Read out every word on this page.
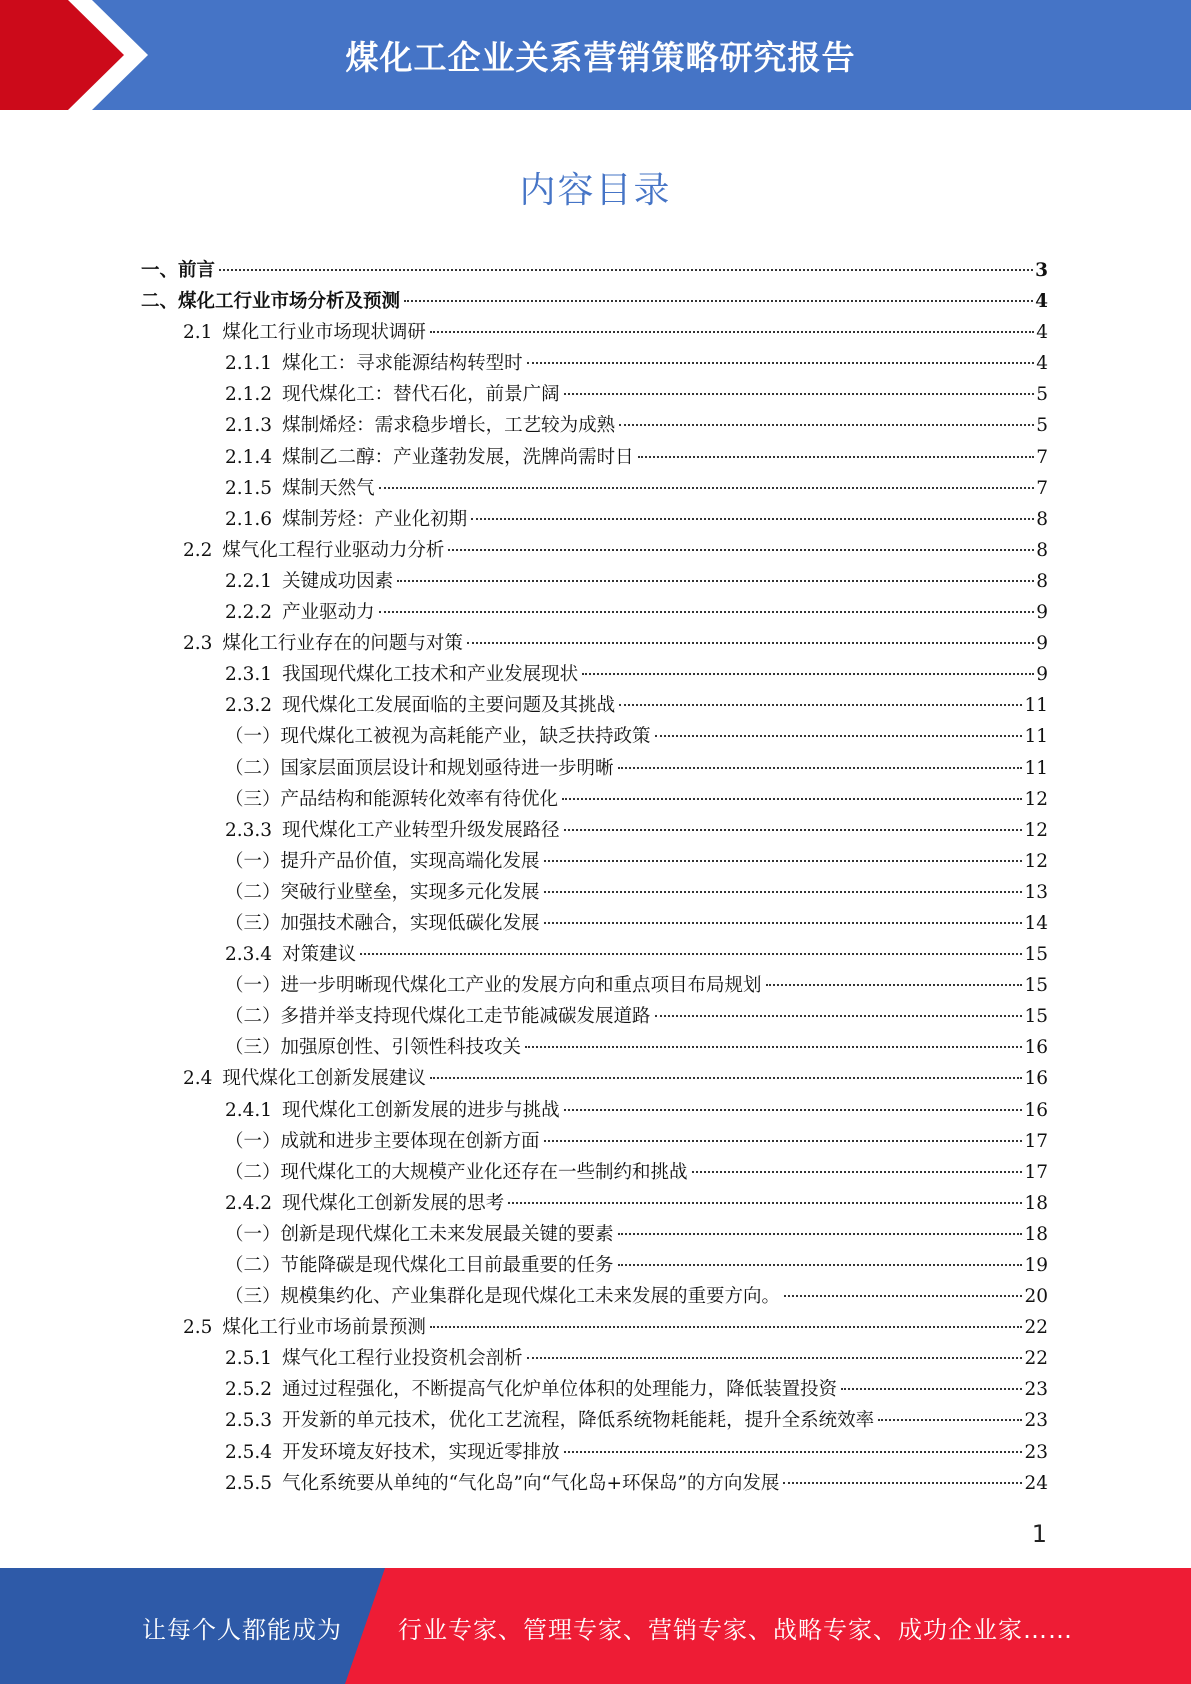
煤化工企业关系营销策略研究报告
内容目录
一、 前言	3
二、 煤化工行业市场分析及预测	4
2.1 煤化工行业市场现状调研	4
2.1.1 煤化工：寻求能源结构转型时	4
2.1.2 现代煤化工：替代石化，前景广阔	5
2.1.3 煤制烯烃：需求稳步增长，工艺较为成熟	5
2.1.4 煤制乙二醇：产业蓬勃发展，洗牌尚需时日	7
2.1.5 煤制天然气	7
2.1.6 煤制芳烃：产业化初期	8
2.2 煤气化工程行业驱动力分析	8
2.2.1 关键成功因素	8
2.2.2 产业驱动力	9
2.3 煤化工行业存在的问题与对策	9
2.3.1 我国现代煤化工技术和产业发展现状	9
2.3.2 现代煤化工发展面临的主要问题及其挑战	11
（一） 现代煤化工被视为高耗能产业，缺乏扶持政策	11
（二） 国家层面顶层设计和规划亟待进一步明晰	11
（三） 产品结构和能源转化效率有待优化	12
2.3.3 现代煤化工产业转型升级发展路径	12
（一） 提升产品价值，实现高端化发展	12
（二） 突破行业壁垒，实现多元化发展	13
（三） 加强技术融合，实现低碳化发展	14
2.3.4 对策建议	15
（一） 进一步明晰现代煤化工产业的发展方向和重点项目布局规划	15
（二） 多措并举支持现代煤化工走节能减碳发展道路	15
（三） 加强原创性、引领性科技攻关	16
2.4 现代煤化工创新发展建议	16
2.4.1 现代煤化工创新发展的进步与挑战	16
（一） 成就和进步主要体现在创新方面	17
（二） 现代煤化工的大规模产业化还存在一些制约和挑战	17
2.4.2 现代煤化工创新发展的思考	18
（一） 创新是现代煤化工未来发展最关键的要素	18
（二） 节能降碳是现代煤化工目前最重要的任务	19
（三） 规模集约化、产业集群化是现代煤化工未来发展的重要方向。	20
2.5 煤化工行业市场前景预测	22
2.5.1 煤气化工程行业投资机会剖析	22
2.5.2 通过过程强化，不断提高气化炉单位体积的处理能力，降低装置投资	23
2.5.3 开发新的单元技术，优化工艺流程，降低系统物耗能耗，提升全系统效率	23
2.5.4 开发环境友好技术，实现近零排放	23
2.5.5 气化系统要从单纯的“气化岛”向“气化岛+环保岛”的方向发展	24
1
让每个人都能成为 行业专家、管理专家、营销专家、战略专家、成功企业家……
